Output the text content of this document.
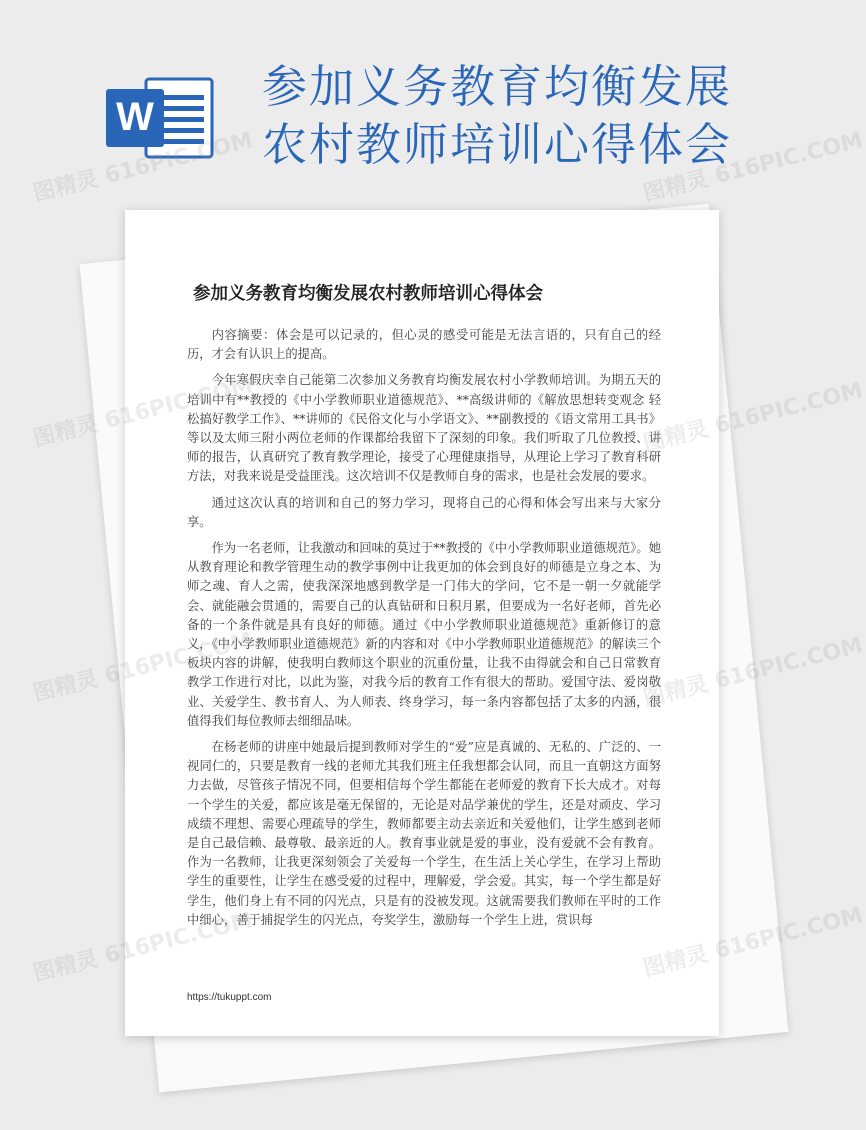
W
参加义务教育均衡发展
农村教师培训心得体会
参加义务教育均衡发展农村教师培训心得体会

内容摘要：体会是可以记录的，但心灵的感受可能是无法言语的，只有自己的经历，才会有认识上的提高。

今年寒假庆幸自己能第二次参加义务教育均衡发展农村小学教师培训。为期五天的培训中有**教授的《中小学教师职业道德规范》、**高级讲师的《解放思想转变观念 轻松搞好教学工作》、**讲师的《民俗文化与小学语文》、**副教授的《语文常用工具书》等以及太师三附小两位老师的作课都给我留下了深刻的印象。我们听取了几位教授、讲师的报告，认真研究了教育教学理论，接受了心理健康指导，从理论上学习了教育科研方法，对我来说是受益匪浅。这次培训不仅是教师自身的需求，也是社会发展的要求。

通过这次认真的培训和自己的努力学习，现将自己的心得和体会写出来与大家分享。

作为一名老师，让我激动和回味的莫过于**教授的《中小学教师职业道德规范》。她从教育理论和教学管理生动的教学事例中让我更加的体会到良好的师德是立身之本、为师之魂、育人之需，使我深深地感到教学是一门伟大的学问，它不是一朝一夕就能学会、就能融会贯通的，需要自己的认真钻研和日积月累，但要成为一名好老师，首先必备的一个条件就是具有良好的师德。通过《中小学教师职业道德规范》重新修订的意义，《中小学教师职业道德规范》新的内容和对《中小学教师职业道德规范》的解读三个板块内容的讲解，使我明白教师这个职业的沉重份量，让我不由得就会和自己日常教育教学工作进行对比，以此为鉴，对我今后的教育工作有很大的帮助。爱国守法、爱岗敬业、关爱学生、教书育人、为人师表、终身学习，每一条内容都包括了太多的内涵，很值得我们每位教师去细细品味。

在杨老师的讲座中她最后提到教师对学生的“爱”应是真诚的、无私的、广泛的、一视同仁的，只要是教育一线的老师尤其我们班主任我想都会认同，而且一直朝这方面努力去做，尽管孩子情况不同，但要相信每个学生都能在老师爱的教育下长大成才。对每一个学生的关爱，都应该是毫无保留的，无论是对品学兼优的学生，还是对顽皮、学习成绩不理想、需要心理疏导的学生，教师都要主动去亲近和关爱他们，让学生感到老师是自己最信赖、最尊敬、最亲近的人。教育事业就是爱的事业，没有爱就不会有教育。作为一名教师，让我更深刻领会了关爱每一个学生，在生活上关心学生，在学习上帮助学生的重要性，让学生在感受爱的过程中，理解爱，学会爱。其实，每一个学生都是好学生，他们身上有不同的闪光点，只是有的没被发现。这就需要我们教师在平时的工作中细心，善于捕捉学生的闪光点，夸奖学生，激励每一个学生上进，赏识每

https://tukuppt.com
图精灵 616PIC.COM
图精灵	图精灵 616PIC.COM
图精灵	616PIC.COM
图精灵
616PIC.COM
图精灵 616PIC.COM
